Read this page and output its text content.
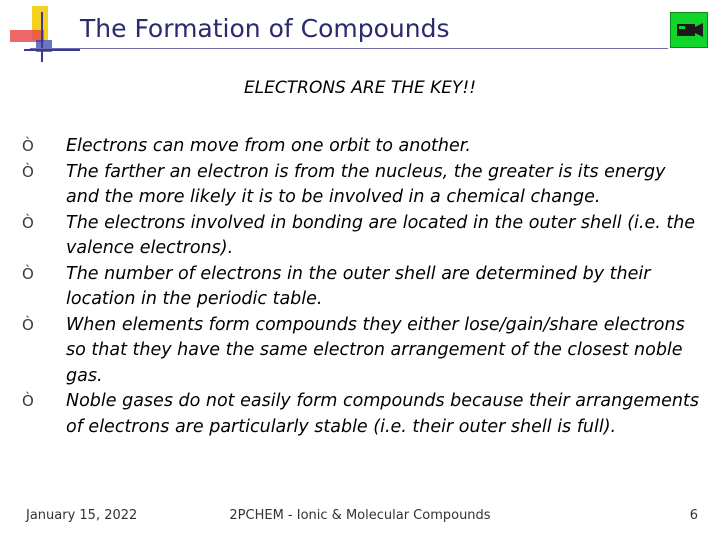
The Formation of Compounds
ELECTRONS ARE THE KEY!!
Ò Electrons can move from one orbit to another.
Ò The farther an electron is from the nucleus, the greater is its energy and the more likely it is to be involved in a chemical change.
Ò The electrons involved in bonding are located in the outer shell (i.e. the valence electrons).
Ò The number of electrons in the outer shell are determined by their location in the periodic table.
Ò When elements form compounds they either lose/gain/share electrons so that they have the same electron arrangement of the closest noble gas.
Ò Noble gases do not easily form compounds because their arrangements of electrons are particularly stable (i.e. their outer shell is full).
January 15, 2022	2PCHEM - Ionic & Molecular Compounds	6
